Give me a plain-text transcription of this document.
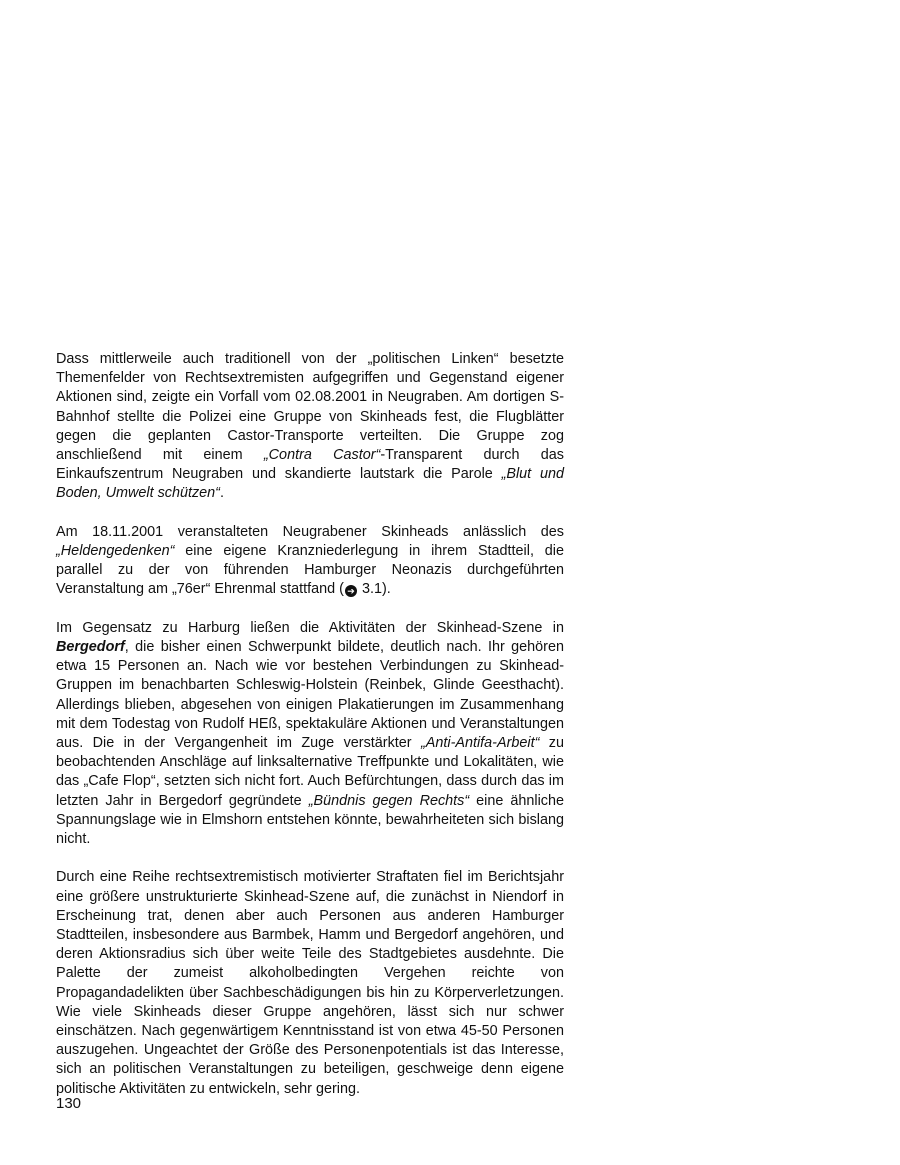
Dass mittlerweile auch traditionell von der „politischen Linken“ besetzte Themenfelder von Rechtsextremisten aufgegriffen und Gegenstand eigener Aktionen sind, zeigte ein Vorfall vom 02.08.2001 in Neugraben. Am dortigen S-Bahnhof stellte die Polizei eine Gruppe von Skinheads fest, die Flugblätter gegen die geplanten Castor-Transporte verteilten. Die Gruppe zog anschließend mit einem „Contra Castor“-Transparent durch das Einkaufszentrum Neugraben und skandierte lautstark die Parole „Blut und Boden, Umwelt schützen“.

Am 18.11.2001 veranstalteten Neugrabener Skinheads anlässlich des „Heldengedenken“ eine eigene Kranzniederlegung in ihrem Stadtteil, die parallel zu der von führenden Hamburger Neonazis durchgeführten Veranstaltung am „76er“ Ehrenmal stattfand ( ➔ 3.1).

Im Gegensatz zu Harburg ließen die Aktivitäten der Skinhead-Szene in Bergedorf, die bisher einen Schwerpunkt bildete, deutlich nach. Ihr gehören etwa 15 Personen an. Nach wie vor bestehen Verbindungen zu Skinhead-Gruppen im benachbarten Schleswig-Holstein (Reinbek, Glinde Geesthacht). Allerdings blieben, abgesehen von einigen Plakatierungen im Zusammenhang mit dem Todestag von Rudolf HEß, spektakuläre Aktionen und Veranstaltungen aus. Die in der Vergangenheit im Zuge verstärkter „Anti-Antifa-Arbeit“ zu beobachtenden Anschläge auf linksalternative Treffpunkte und Lokalitäten, wie das „Cafe Flop“, setzten sich nicht fort. Auch Befürchtungen, dass durch das im letzten Jahr in Bergedorf gegründete „Bündnis gegen Rechts“ eine ähnliche Spannungslage wie in Elmshorn entstehen könnte, bewahrheiteten sich bislang nicht.

Durch eine Reihe rechtsextremistisch motivierter Straftaten fiel im Berichtsjahr eine größere unstrukturierte Skinhead-Szene auf, die zunächst in Niendorf in Erscheinung trat, denen aber auch Personen aus anderen Hamburger Stadtteilen, insbesondere aus Barmbek, Hamm und Bergedorf angehören, und deren Aktionsradius sich über weite Teile des Stadtgebietes ausdehnte. Die Palette der zumeist alkoholbedingten Vergehen reichte von Propagandadelikten über Sachbeschädigungen bis hin zu Körperverletzungen. Wie viele Skinheads dieser Gruppe angehören, lässt sich nur schwer einschätzen. Nach gegenwärtigem Kenntnisstand ist von etwa 45-50 Personen auszugehen. Ungeachtet der Größe des Personenpotentials ist das Interesse, sich an politischen Veranstaltungen zu beteiligen, geschweige denn eigene politische Aktivitäten zu entwickeln, sehr gering.

130
